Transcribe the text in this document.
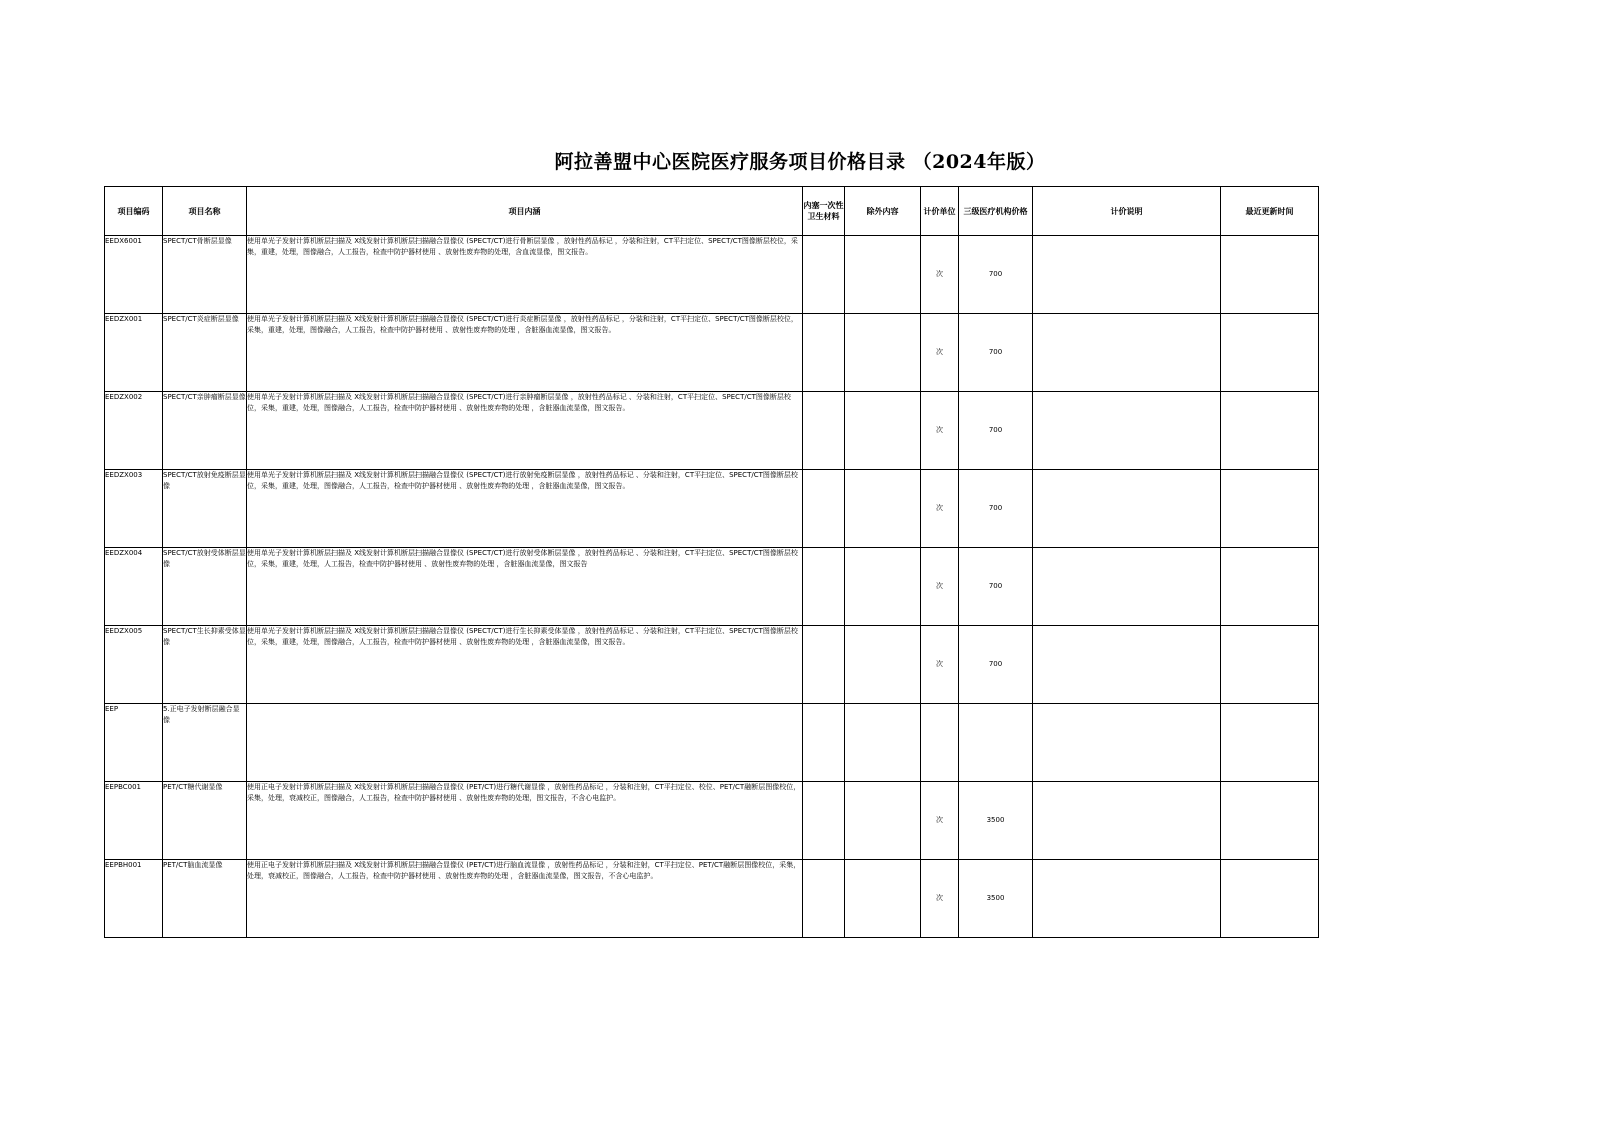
阿拉善盟中心医院医疗服务项目价格目录 （2024年版）
项目编码	项目名称	项目内涵	内塞一次性卫生材料	除外内容	计价单位	三级医疗机构价格	计价说明	最近更新时间
EEDX6001	SPECT/CT骨断层显像	使用单光子发射计算机断层扫描及 X线发射计算机断层扫描融合显像仪 (SPECT/CT)进行骨断层显像 ，放射性药品标记 ，分装和注射，CT平扫定位、SPECT/CT图像断层校位，采集，重建，处理，图像融合，人工报告，检查中防护器材使用 、放射性废弃物的处理，含血流显像，图文报告。			次	700		
EEDZX001	SPECT/CT炎症断层显像	使用单光子发射计算机断层扫描及 X线发射计算机断层扫描融合显像仪 (SPECT/CT)进行炎症断层显像 ，放射性药品标记 ，分装和注射，CT平扫定位、SPECT/CT图像断层校位，采集，重建，处理，图像融合，人工报告，检查中防护器材使用 、放射性废弃物的处理 ，含脏器血流显像，图文报告。			次	700		
EEDZX002	SPECT/CT亲肿瘤断层显像	使用单光子发射计算机断层扫描及 X线发射计算机断层扫描融合显像仪 (SPECT/CT)进行亲肿瘤断层显像 ，放射性药品标记 、分装和注射，CT平扫定位、SPECT/CT图像断层校位，采集，重建，处理，图像融合，人工报告，检查中防护器材使用 、放射性废弃物的处理 ，含脏器血流显像，图文报告。			次	700		
EEDZX003	SPECT/CT放射免疫断层显像	使用单光子发射计算机断层扫描及 X线发射计算机断层扫描融合显像仪 (SPECT/CT)进行放射免疫断层显像 ，放射性药品标记 、分装和注射，CT平扫定位、SPECT/CT图像断层校位，采集，重建，处理，图像融合，人工报告，检查中防护器材使用 、放射性废弃物的处理 ，含脏器血流显像，图文报告。			次	700		
EEDZX004	SPECT/CT放射受体断层显像	使用单光子发射计算机断层扫描及 X线发射计算机断层扫描融合显像仪 (SPECT/CT)进行放射受体断层显像 ，放射性药品标记 、分装和注射，CT平扫定位、SPECT/CT图像断层校位，采集，重建，处理，人工报告，检查中防护器材使用 、放射性废弃物的处理 ，含脏器血流显像，图文报告			次	700		
EEDZX005	SPECT/CT生长抑素受体显像	使用单光子发射计算机断层扫描及 X线发射计算机断层扫描融合显像仪 (SPECT/CT)进行生长抑素受体显像 ，放射性药品标记 、分装和注射，CT平扫定位、SPECT/CT图像断层校位，采集，重建，处理，图像融合，人工报告，检查中防护器材使用 、放射性废弃物的处理 ，含脏器血流显像，图文报告。			次	700		
EEP	5.正电子发射断层融合显像							
EEPBC001	PET/CT糖代谢显像	使用正电子发射计算机断层扫描及 X线发射计算机断层扫描融合显像仪 (PET/CT)进行糖代谢显像 ，放射性药品标记 ，分装和注射，CT平扫定位、校位、PET/CT融断层图像校位，采集，处理，衰减校正，图像融合，人工报告，检查中防护器材使用 、放射性废弃物的处理，图文报告，不含心电监护。			次	3500		
EEPBH001	PET/CT脑血流显像	使用正电子发射计算机断层扫描及 X线发射计算机断层扫描融合显像仪 (PET/CT)进行脑血流显像 ，放射性药品标记 ，分装和注射，CT平扫定位、PET/CT融断层图像校位，采集，处理，衰减校正，图像融合，人工报告，检查中防护器材使用 、放射性废弃物的处理 ，含脏器血流显像，图文报告，不含心电监护。			次	3500		
